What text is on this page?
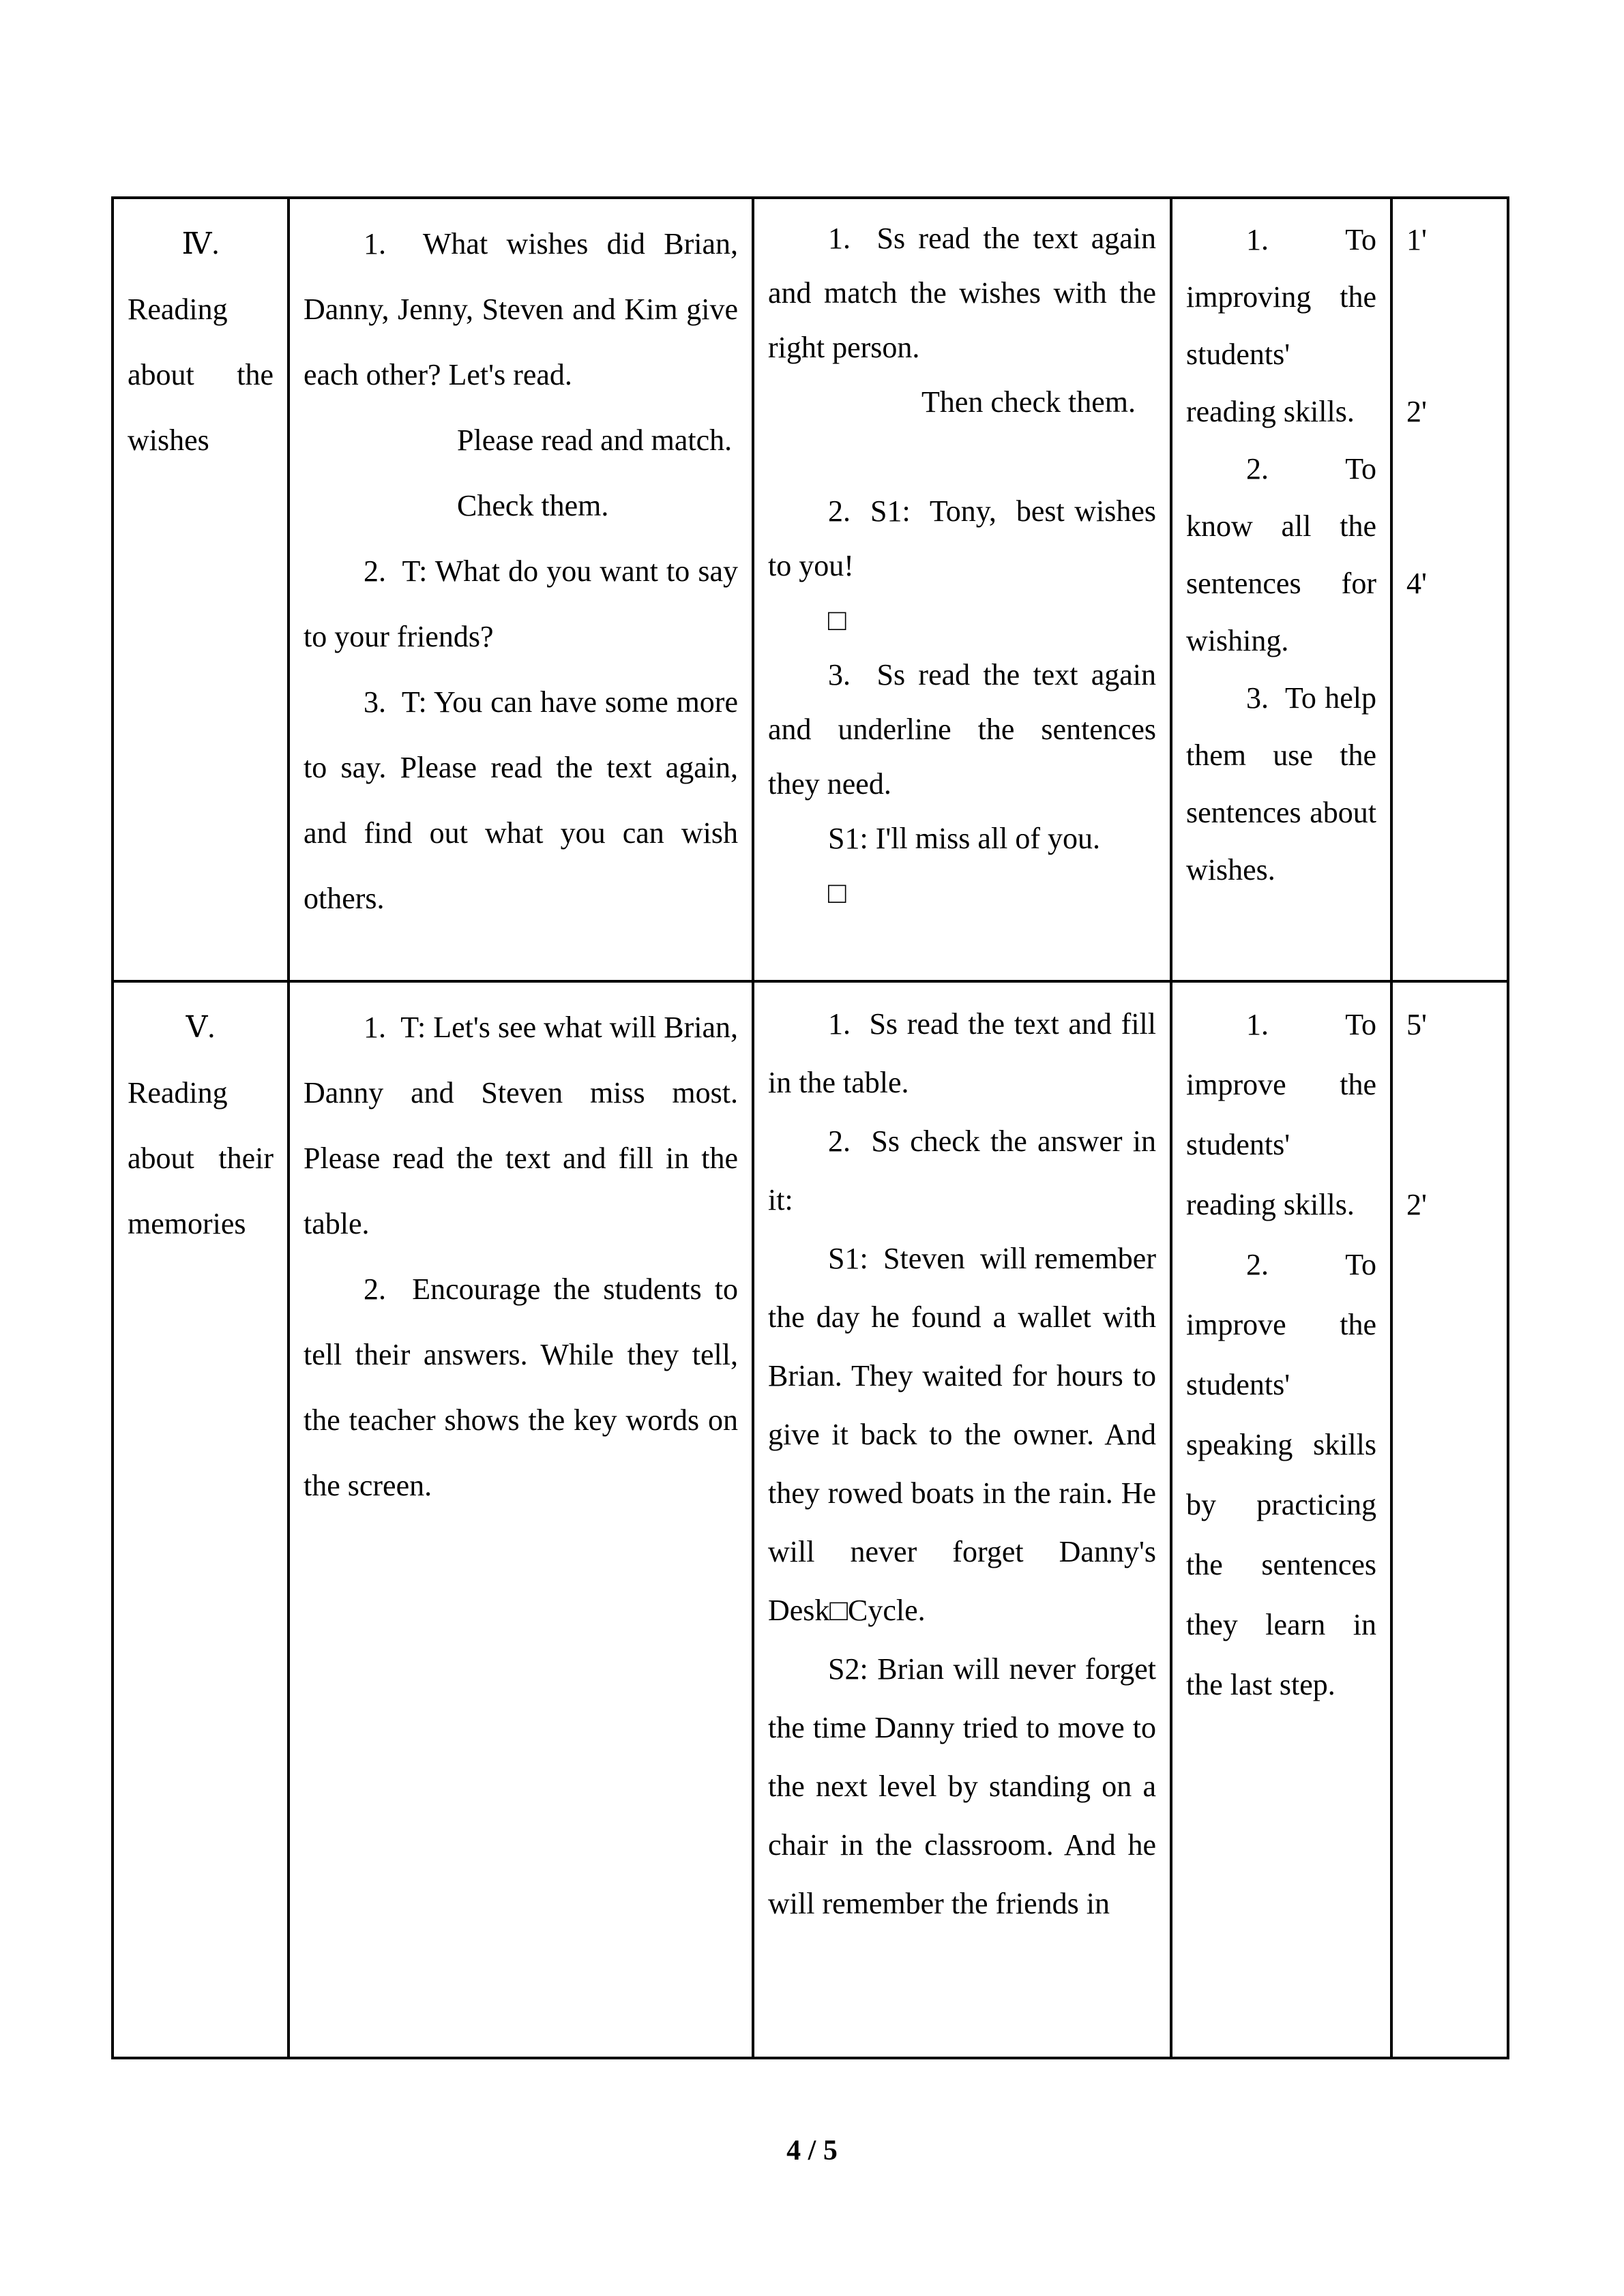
Ⅳ.

Reading about the wishes

1.  What wishes did Brian, Danny, Jenny, Steven and Kim give each other? Let's read.

Please read and match.

Check them.

2.  T: What do you want to say to your friends?

3.  T: You can have some more to say. Please read the text again, and find out what you can wish others.

1.  Ss read the text again and match the wishes with the right person.

Then check them.

2.  S1:  Tony,  best wishes to you!

□

3.  Ss read the text again and underline the sentences they need.

S1: I'll miss all of you.

□

1.  To improving the students' reading skills.

2.  To know all the sentences for wishing.

3.  To help them use the sentences about wishes.

1'

2'

4'

Ⅴ.

Reading about their memories

1.  T: Let's see what will Brian, Danny and Steven miss most. Please read the text and fill in the table.

2.  Encourage the students to tell their answers. While they tell, the teacher shows the key words on the screen.

1.  Ss read the text and fill in the table.

2.  Ss check the answer in it:

S1:  Steven  will remember the day he found a wallet with Brian. They waited for hours to give it back to the owner. And they rowed boats in the rain. He will never forget Danny's Desk□Cycle.

S2: Brian will never forget the time Danny tried to move to the next level by standing on a chair in the classroom. And he will remember the friends in

1.  To improve the students' reading skills.

2.  To improve the students' speaking skills by practicing the sentences they learn in the last step.

5'

2'

4 / 5
